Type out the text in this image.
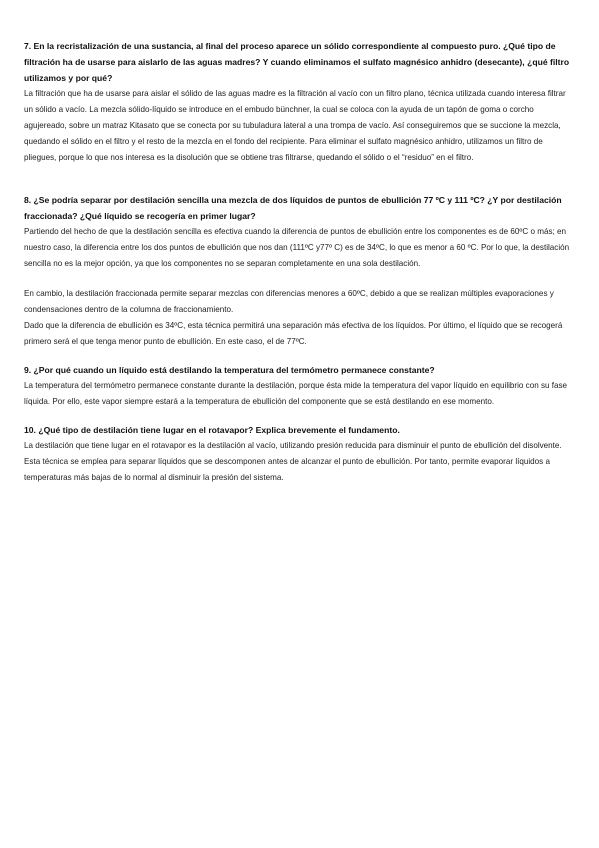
7. En la recristalización de una sustancia, al final del proceso aparece un sólido correspondiente al compuesto puro. ¿Qué tipo de filtración ha de usarse para aislarlo de las aguas madres? Y cuando eliminamos el sulfato magnésico anhidro (desecante), ¿qué filtro utilizamos y por qué?

La filtración que ha de usarse para aislar el sólido de las aguas madre es la filtración al vacío con un filtro plano, técnica utilizada cuando interesa filtrar un sólido a vacío. La mezcla sólido-líquido se introduce en el embudo bünchner, la cual se coloca con la ayuda de un tapón de goma o corcho agujereado, sobre un matraz Kitasato que se conecta por su tubuladura lateral a una trompa de vacío. Así conseguiremos que se succione la mezcla, quedando el sólido en el filtro y el resto de la mezcla en el fondo del recipiente. Para eliminar el sulfato magnésico anhidro, utilizamos un filtro de pliegues, porque lo que nos interesa es la disolución que se obtiene tras filtrarse, quedando el sólido o el “residuo” en el filtro.

8. ¿Se podría separar por destilación sencilla una mezcla de dos líquidos de puntos de ebullición 77 ºC y 111 ºC? ¿Y por destilación fraccionada? ¿Qué líquido se recogería en primer lugar?

Partiendo del hecho de que la destilación sencilla es efectiva cuando la diferencia de puntos de ebullición entre los componentes es de 60ºC o más; en nuestro caso, la diferencia entre los dos puntos de ebullición que nos dan (111ºC y77º C) es de 34ºC, lo que es menor a 60 ºC. Por lo que, la destilación sencilla no es la mejor opción, ya que los componentes no se separan completamente en una sola destilación.

En cambio, la destilación fraccionada permite separar mezclas con diferencias menores a 60ºC, debido a que se realizan múltiples evaporaciones y condensaciones dentro de la columna de fraccionamiento.

Dado que la diferencia de ebullición es 34ºC, esta técnica permitirá una separación más efectiva de los líquidos. Por último, el líquido que se recogerá primero será el que tenga menor punto de ebullición. En este caso, el de 77ºC.

9. ¿Por qué cuando un líquido está destilando la temperatura del termómetro permanece constante?

La temperatura del termómetro permanece constante durante la destilación, porque ésta mide la temperatura del vapor líquido en equilibrio con su fase líquida. Por ello, este vapor siempre estará a la temperatura de ebullición del componente que se está destilando en ese momento.

10. ¿Qué tipo de destilación tiene lugar en el rotavapor? Explica brevemente el fundamento.

La destilación que tiene lugar en el rotavapor es la destilación al vacío, utilizando presión reducida para disminuir el punto de ebullición del disolvente. Esta técnica se emplea para separar líquidos que se descomponen antes de alcanzar el punto de ebullición. Por tanto, permite evaporar líquidos a temperaturas más bajas de lo normal al disminuir la presión del sistema.
